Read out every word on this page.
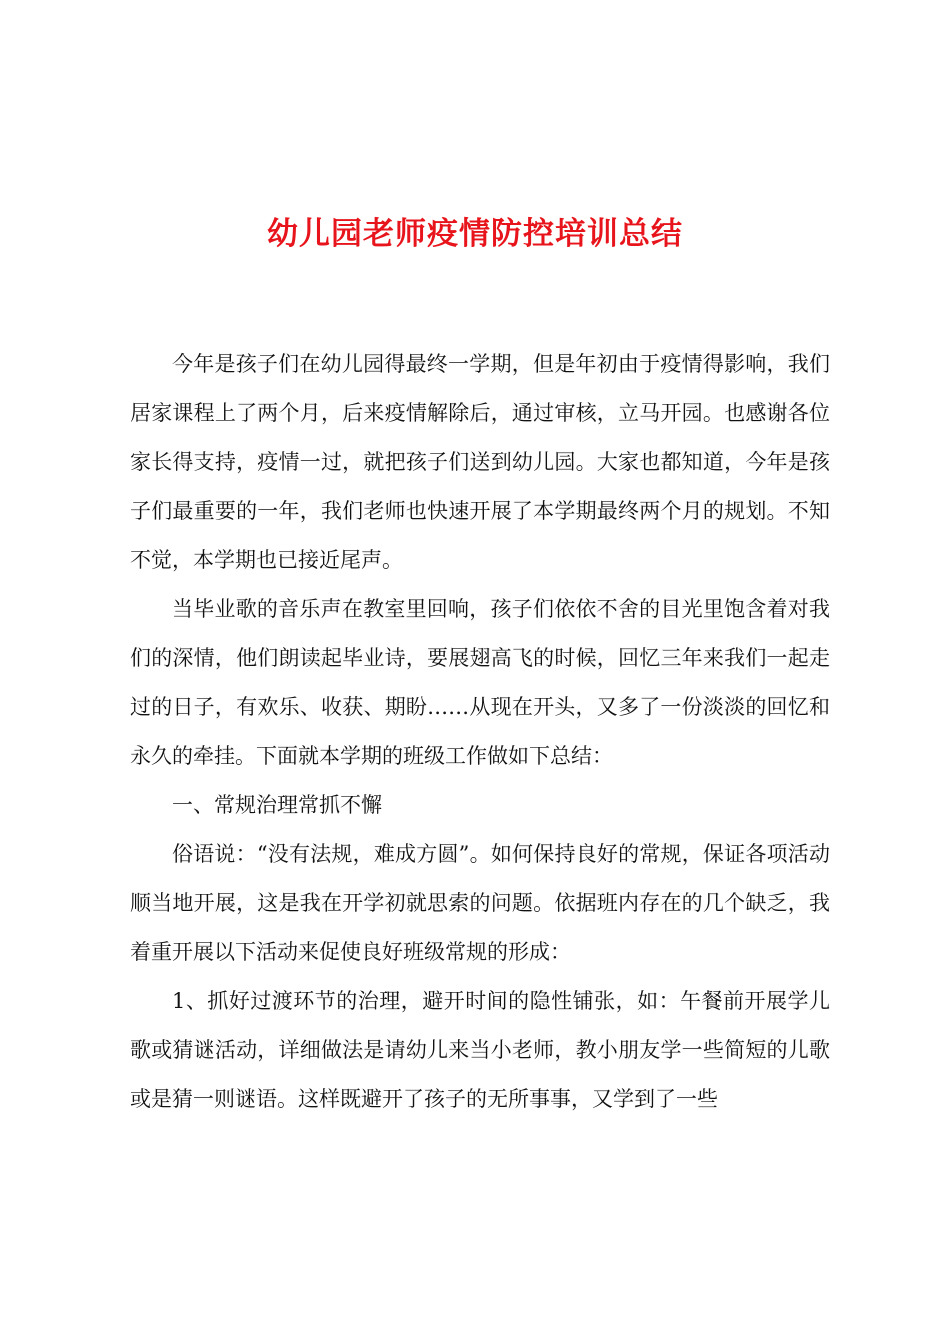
幼儿园老师疫情防控培训总结

今年是孩子们在幼儿园得最终一学期，但是年初由于疫情得影响，我们居家课程上了两个月，后来疫情解除后，通过审核，立马开园。也感谢各位家长得支持，疫情一过，就把孩子们送到幼儿园。大家也都知道，今年是孩子们最重要的一年，我们老师也快速开展了本学期最终两个月的规划。不知不觉，本学期也已接近尾声。

当毕业歌的音乐声在教室里回响，孩子们依依不舍的目光里饱含着对我们的深情，他们朗读起毕业诗，要展翅高飞的时候，回忆三年来我们一起走过的日子，有欢乐、收获、期盼……从现在开头，又多了一份淡淡的回忆和永久的牵挂。下面就本学期的班级工作做如下总结：

一、常规治理常抓不懈

俗语说：“没有法规，难成方圆”。如何保持良好的常规，保证各项活动顺当地开展，这是我在开学初就思索的问题。依据班内存在的几个缺乏，我着重开展以下活动来促使良好班级常规的形成：

1、抓好过渡环节的治理，避开时间的隐性铺张，如：午餐前开展学儿歌或猜谜活动，详细做法是请幼儿来当小老师，教小朋友学一些简短的儿歌或是猜一则谜语。这样既避开了孩子的无所事事，又学到了一些
